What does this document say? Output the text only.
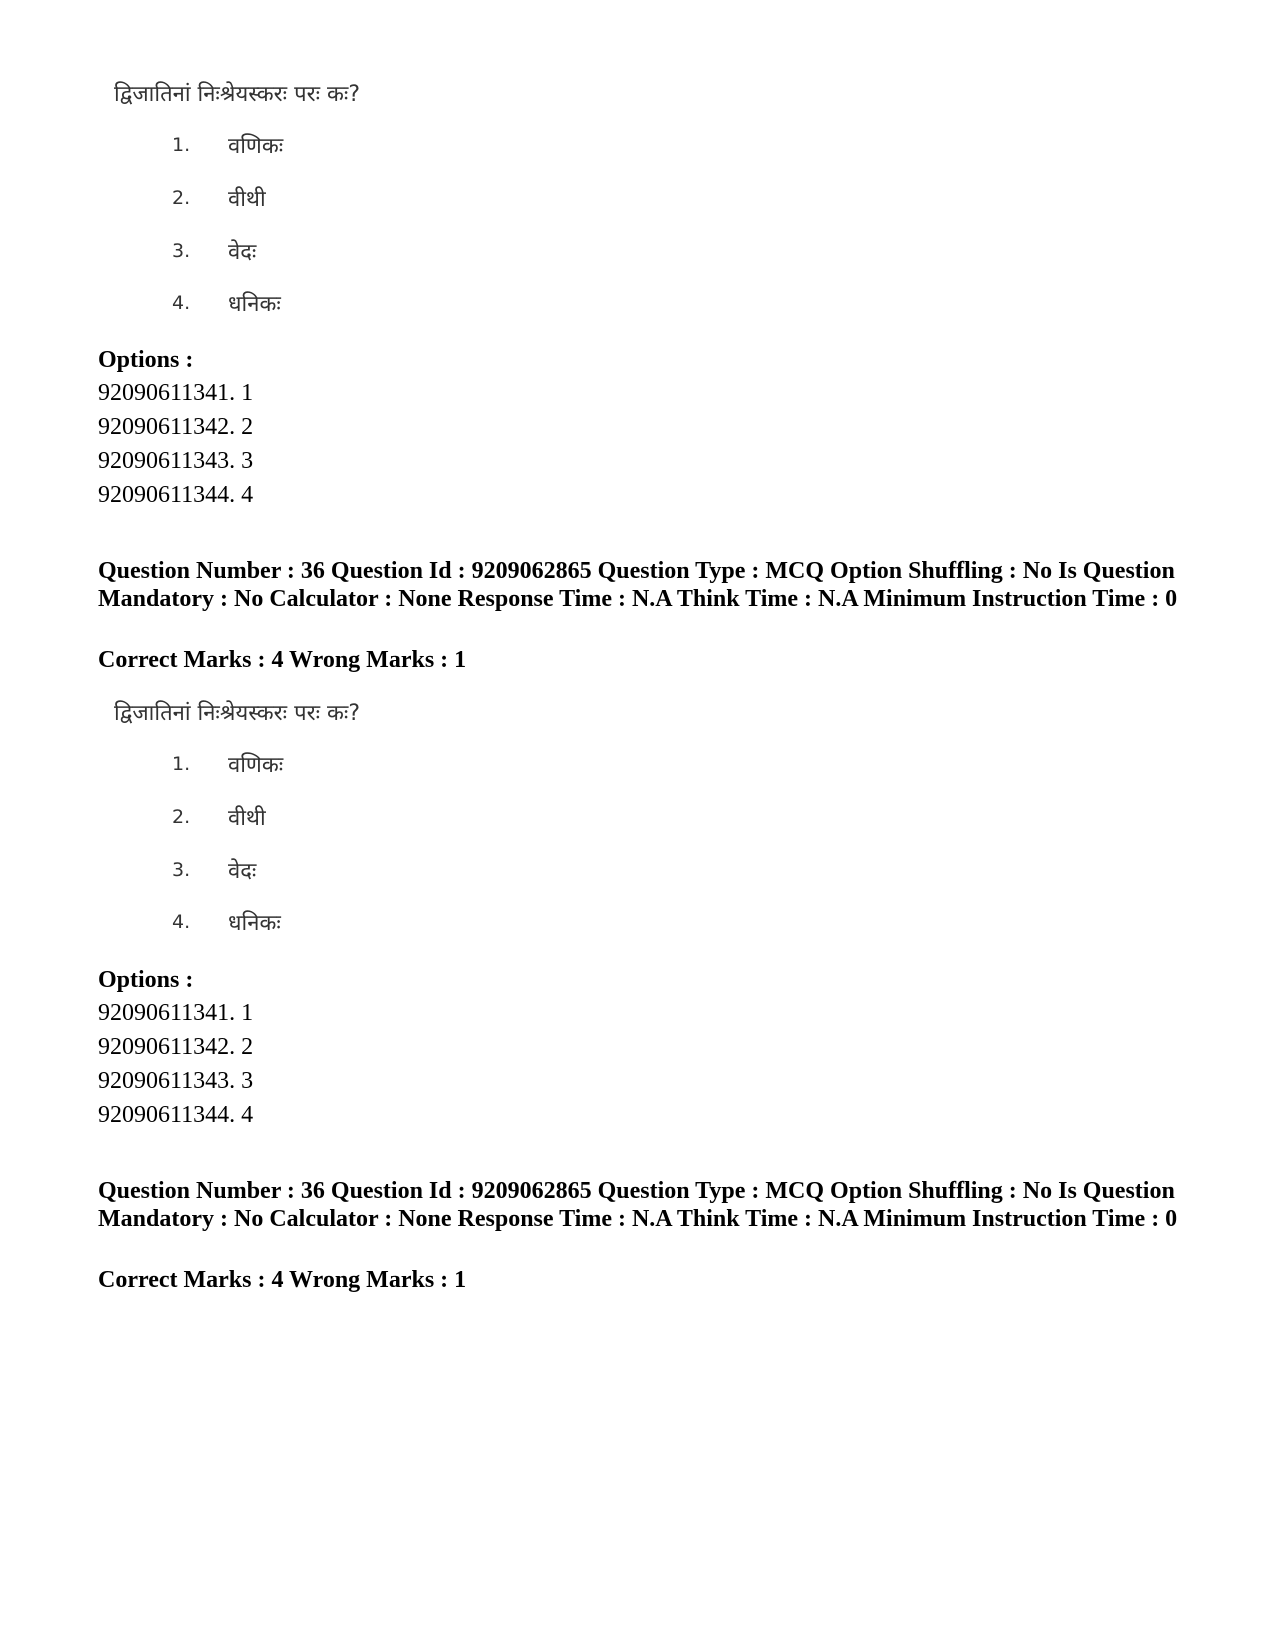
द्विजातिनां निःश्रेयस्करः परः कः?
1. वणिकः
2. वीथी
3. वेदः
4. धनिकः
Options :
92090611341. 1
92090611342. 2
92090611343. 3
92090611344. 4
Question Number : 36 Question Id : 9209062865 Question Type : MCQ Option Shuffling : No Is Question Mandatory : No Calculator : None Response Time : N.A Think Time : N.A Minimum Instruction Time : 0
Correct Marks : 4 Wrong Marks : 1
द्विजातिनां निःश्रेयस्करः परः कः?
1. वणिकः
2. वीथी
3. वेदः
4. धनिकः
Options :
92090611341. 1
92090611342. 2
92090611343. 3
92090611344. 4
Question Number : 36 Question Id : 9209062865 Question Type : MCQ Option Shuffling : No Is Question Mandatory : No Calculator : None Response Time : N.A Think Time : N.A Minimum Instruction Time : 0
Correct Marks : 4 Wrong Marks : 1
